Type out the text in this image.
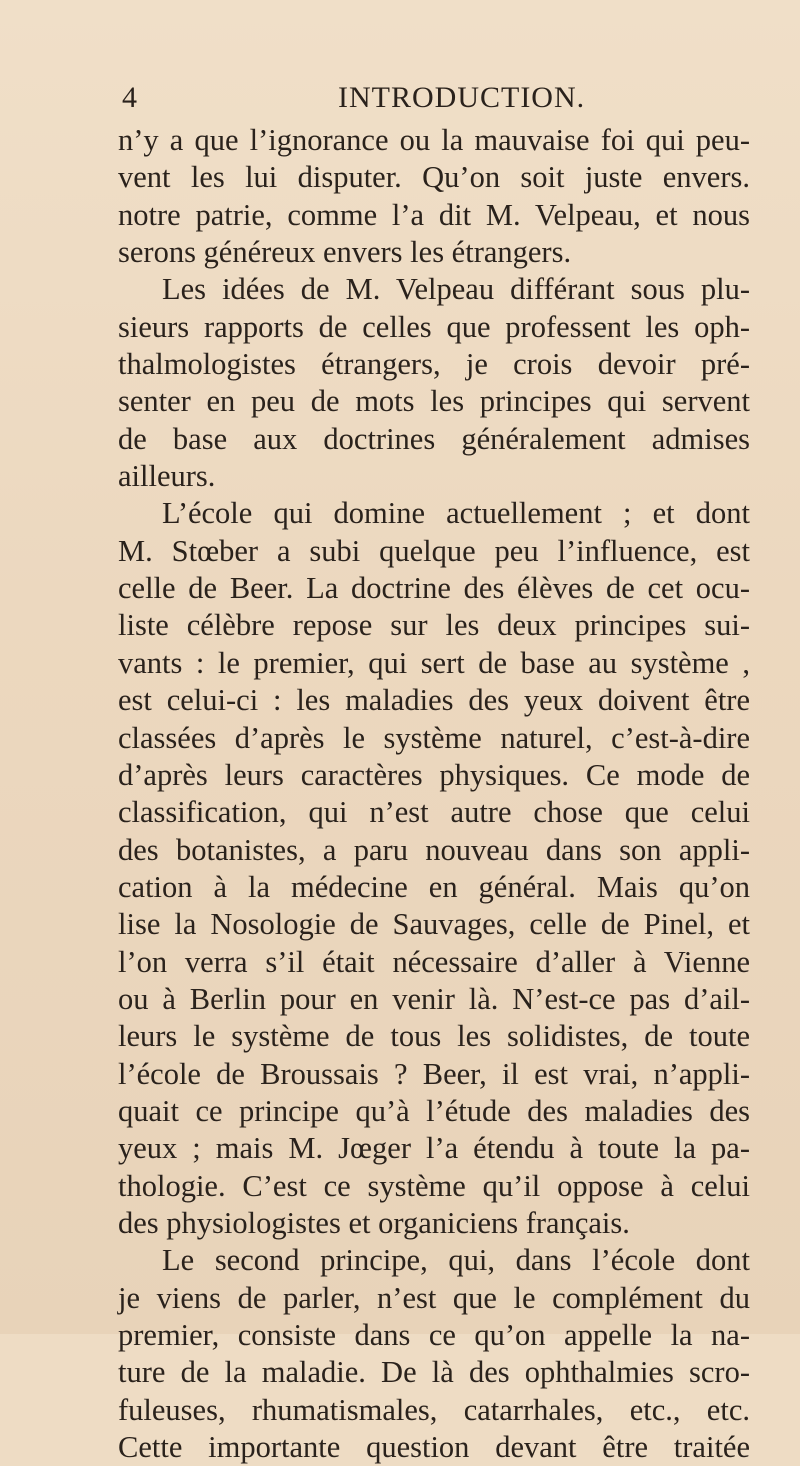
4	INTRODUCTION.
n’y a que l’ignorance ou la mauvaise foi qui peu-
vent les lui disputer. Qu’on soit juste envers.
notre patrie, comme l’a dit M. Velpeau, et nous
serons généreux envers les étrangers.
Les idées de M. Velpeau différant sous plu-
sieurs rapports de celles que professent les oph-
thalmologistes étrangers, je crois devoir pré-
senter en peu de mots les principes qui servent
de base aux doctrines généralement admises
ailleurs.
L’école qui domine actuellement ; et dont
M. Stœber a subi quelque peu l’influence, est
celle de Beer. La doctrine des élèves de cet ocu-
liste célèbre repose sur les deux principes sui-
vants : le premier, qui sert de base au système ,
est celui-ci : les maladies des yeux doivent être
classées d’après le système naturel, c’est-à-dire
d’après leurs caractères physiques. Ce mode de
classification, qui n’est autre chose que celui
des botanistes, a paru nouveau dans son appli-
cation à la médecine en général. Mais qu’on
lise la Nosologie de Sauvages, celle de Pinel, et
l’on verra s’il était nécessaire d’aller à Vienne
ou à Berlin pour en venir là. N’est-ce pas d’ail-
leurs le système de tous les solidistes, de toute
l’école de Broussais ? Beer, il est vrai, n’appli-
quait ce principe qu’à l’étude des maladies des
yeux ; mais M. Jœger l’a étendu à toute la pa-
thologie. C’est ce système qu’il oppose à celui
des physiologistes et organiciens français.
Le second principe, qui, dans l’école dont
je viens de parler, n’est que le complément du
premier, consiste dans ce qu’on appelle la na-
ture de la maladie. De là des ophthalmies scro-
fuleuses, rhumatismales, catarrhales, etc., etc.
Cette importante question devant être traitée
